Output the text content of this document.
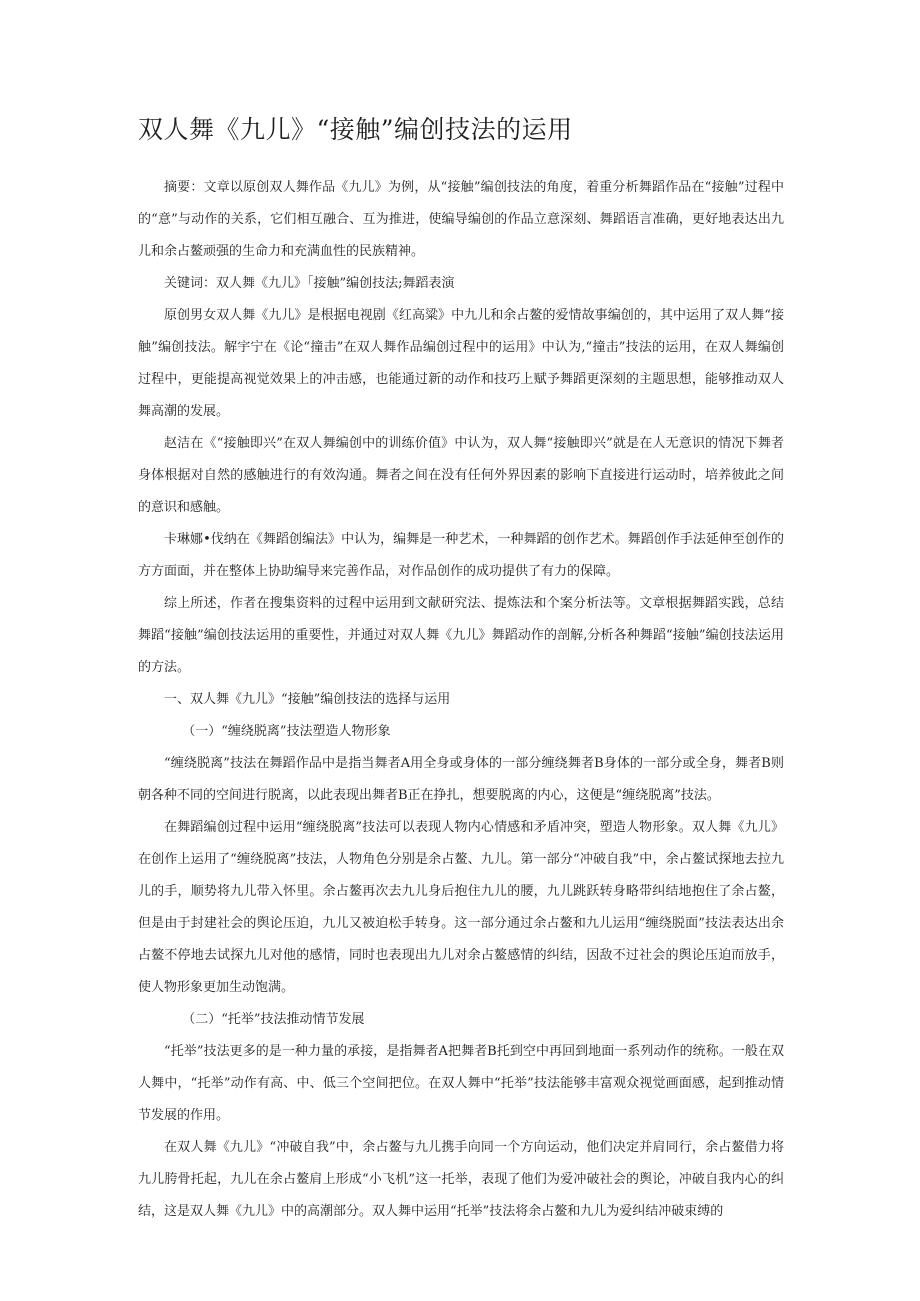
双人舞《九儿》“接触”编创技法的运用

摘要：文章以原创双人舞作品《九儿》为例，从“接触”编创技法的角度，着重分析舞蹈作品在“接触”过程中的“意”与动作的关系，它们相互融合、互为推进，使编导编创的作品立意深刻、舞蹈语言准确，更好地表达出九儿和余占鳌顽强的生命力和充满血性的民族精神。

关键词：双人舞《九儿》「接触”编创技法;舞蹈表演

原创男女双人舞《九儿》是根据电视剧《红高粱》中九儿和余占鳌的爱情故事编创的，其中运用了双人舞“接触”编创技法。解宇宁在《论“撞击”在双人舞作品编创过程中的运用》中认为,“撞击”技法的运用，在双人舞编创过程中，更能提高视觉效果上的冲击感，也能通过新的动作和技巧上赋予舞蹈更深刻的主题思想，能够推动双人舞高潮的发展。

赵洁在《“接触即兴”在双人舞编创中的训练价值》中认为，双人舞“接触即兴”就是在人无意识的情况下舞者身体根据对自然的感触进行的有效沟通。舞者之间在没有任何外界因素的影响下直接进行运动时，培养彼此之间的意识和感触。

卡琳娜•伐纳在《舞蹈创编法》中认为，编舞是一种艺术，一种舞蹈的创作艺术。舞蹈创作手法延伸至创作的方方面面，并在整体上协助编导来完善作品，对作品创作的成功提供了有力的保障。

综上所述，作者在搜集资料的过程中运用到文献研究法、提炼法和个案分析法等。文章根据舞蹈实践，总结舞蹈“接触”编创技法运用的重要性，并通过对双人舞《九儿》舞蹈动作的剖解,分析各种舞蹈“接触”编创技法运用的方法。

一、双人舞《九儿》“接触”编创技法的选择与运用

（一）“缠绕脱离”技法塑造人物形象

“缠绕脱离”技法在舞蹈作品中是指当舞者A用全身或身体的一部分缠绕舞者B身体的一部分或全身，舞者B则朝各种不同的空间进行脱离，以此表现出舞者B正在挣扎，想要脱离的内心，这便是“缠绕脱离”技法。

在舞蹈编创过程中运用“缠绕脱离”技法可以表现人物内心情感和矛盾冲突，塑造人物形象。双人舞《九儿》在创作上运用了“缠绕脱离”技法，人物角色分别是余占鳌、九儿。第一部分“冲破自我”中，余占鳌试探地去拉九儿的手，顺势将九儿带入怀里。余占鳌再次去九儿身后抱住九儿的腰，九儿跳跃转身略带纠结地抱住了余占鳌，但是由于封建社会的舆论压迫，九儿又被迫松手转身。这一部分通过余占鳌和九儿运用“缠绕脱面”技法表达出余占鳌不停地去试探九儿对他的感情，同时也表现出九儿对余占鳌感情的纠结，因敌不过社会的舆论压迫而放手，使人物形象更加生动饱满。

（二）“托举”技法推动情节发展

“托举”技法更多的是一种力量的承接，是指舞者A把舞者B托到空中再回到地面一系列动作的统称。一般在双人舞中，“托举”动作有高、中、低三个空间把位。在双人舞中“托举”技法能够丰富观众视觉画面感，起到推动情节发展的作用。

在双人舞《九儿》“冲破自我”中，余占鳌与九儿携手向同一个方向运动，他们决定并肩同行，余占鳌借力将九儿胯骨托起，九儿在余占鳌肩上形成“小飞机”这一托举，表现了他们为爱冲破社会的舆论，冲破自我内心的纠结，这是双人舞《九儿》中的高潮部分。双人舞中运用“托举”技法将余占鳌和九儿为爱纠结冲破束缚的
